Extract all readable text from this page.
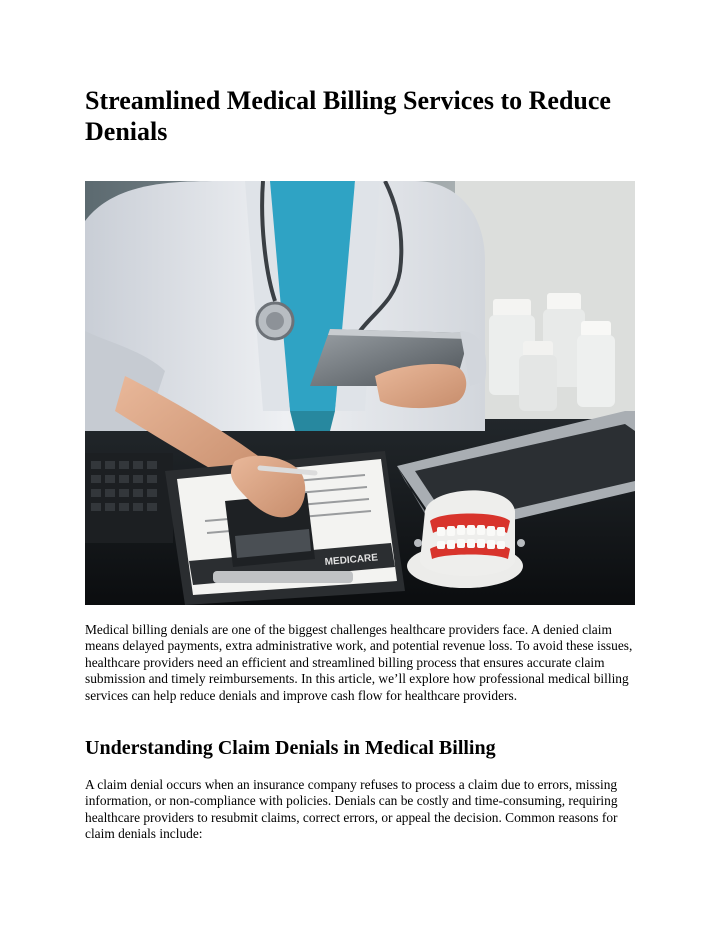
Streamlined Medical Billing Services to Reduce Denials
MEDICARE

Medical billing denials are one of the biggest challenges healthcare providers face. A denied claim means delayed payments, extra administrative work, and potential revenue loss. To avoid these issues, healthcare providers need an efficient and streamlined billing process that ensures accurate claim submission and timely reimbursements. In this article, we’ll explore how professional medical billing services can help reduce denials and improve cash flow for healthcare providers.

Understanding Claim Denials in Medical Billing

A claim denial occurs when an insurance company refuses to process a claim due to errors, missing information, or non-compliance with policies. Denials can be costly and time-consuming, requiring healthcare providers to resubmit claims, correct errors, or appeal the decision. Common reasons for claim denials include:
